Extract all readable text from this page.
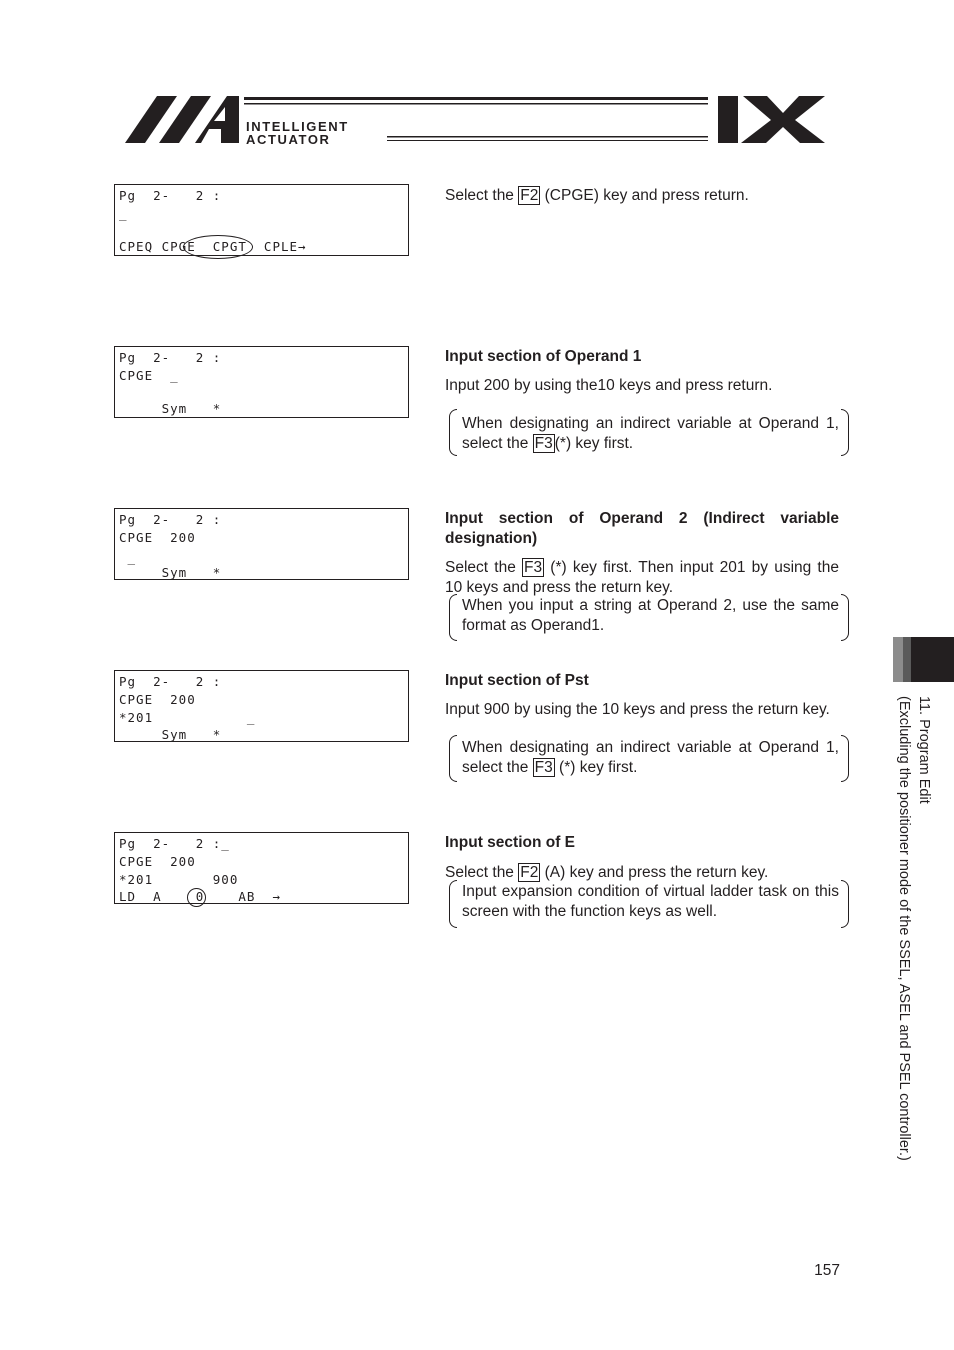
INTELLIGENT
ACTUATOR
Pg  2-   2 :
_
CPEQ CPGE  CPGT  CPLE→
Pg  2-   2 :
CPGE  _
Sym   *
Pg  2-   2 :
CPGE  200
_
Sym   *
Pg  2-   2 :
CPGE  200
*201           _
Sym   *
Pg  2-   2 :_
CPGE  200
*201       900
LD  A    0    AB  →
Select the F2 (CPGE) key and press return.
Input section of Operand 1
Input 200 by using the10 keys and press return.
When designating an indirect variable at Operand 1, select the F3 (*) key first.
Input section of Operand 2 (Indirect variable designation)
Select the F3 (*) key first. Then input 201 by using the 10 keys and press the return key.
When you input a string at Operand 2, use the same format as Operand1.
Input section of Pst
Input 900 by using the 10 keys and press the return key.
When designating an indirect variable at Operand 1, select the F3 (*) key first.
Input section of E
Select the F2 (A) key and press the return key.
Input expansion condition of virtual ladder task on this screen with the function keys as well.
11. Program Edit
(Excluding the positioner mode of the SSEL, ASEL and PSEL controller.)
157
